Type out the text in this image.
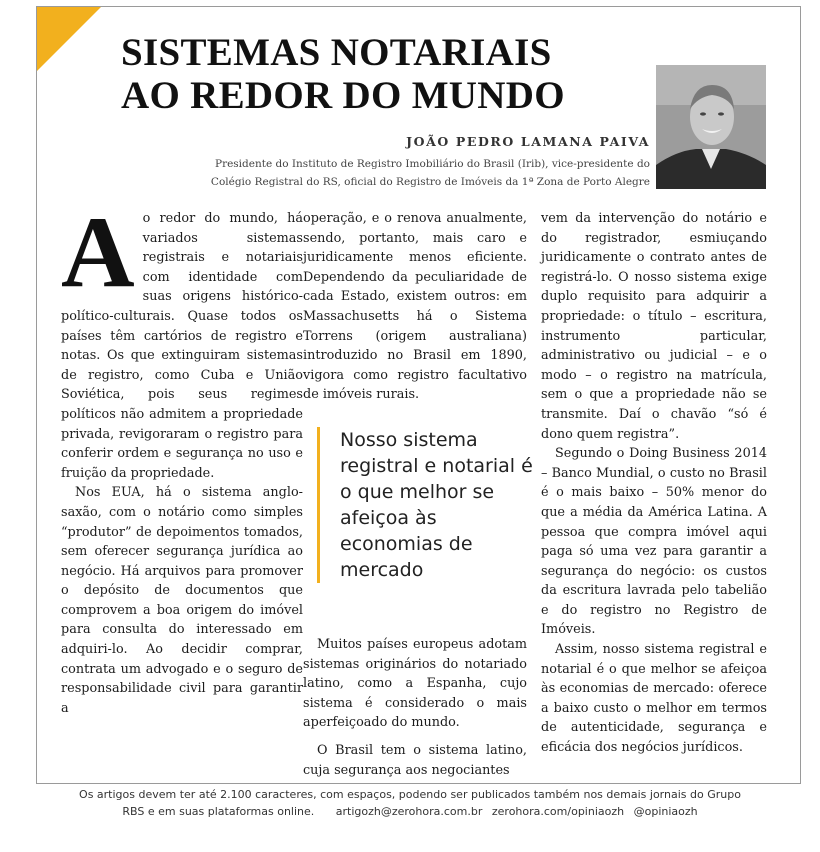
SISTEMAS NOTARIAIS
AO REDOR DO MUNDO
JOÃO PEDRO LAMANA PAIVA
Presidente do Instituto de Registro Imobiliário do Brasil (Irib), vice-presidente do
Colégio Registral do RS, oficial do Registro de Imóveis da 1ª Zona de Porto Alegre

A o redor do mundo, há variados sistemas registrais e notariais com identidade com suas origens histórico-político-culturais. Quase todos os países têm cartórios de registro e notas. Os que extinguiram sistemas de registro, como Cuba e União Soviética, pois seus regimes políticos não admitem a propriedade privada, revigoraram o registro para conferir ordem e segurança no uso e fruição da propriedade.

Nos EUA, há o sistema anglo-saxão, com o notário como simples “produtor” de depoimentos tomados, sem oferecer segurança jurídica ao negócio. Há arquivos para promover o depósito de documentos que comprovem a boa origem do imóvel para consulta do interessado em adquiri-lo. Ao decidir comprar, contrata um advogado e o seguro de responsabilidade civil para garantir a

operação, e o renova anualmente, sendo, portanto, mais caro e juridicamente menos eficiente. Dependendo da peculiaridade de cada Estado, existem outros: em Massachusetts há o Sistema Torrens (origem australiana) introduzido no Brasil em 1890, vigora como registro facultativo de imóveis rurais.

Nosso sistema registral e notarial é o que melhor se afeiçoa às economias de mercado

Muitos países europeus adotam sistemas originários do notariado latino, como a Espanha, cujo sistema é considerado o mais aperfeiçoado do mundo.

O Brasil tem o sistema latino, cuja segurança aos negociantes

vem da intervenção do notário e do registrador, esmiuçando juridicamente o contrato antes de registrá-lo. O nosso sistema exige duplo requisito para adquirir a propriedade: o título – escritura, instrumento particular, administrativo ou judicial – e o modo – o registro na matrícula, sem o que a propriedade não se transmite. Daí o chavão “só é dono quem registra”.

Segundo o Doing Business 2014 – Banco Mundial, o custo no Brasil é o mais baixo – 50% menor do que a média da América Latina. A pessoa que compra imóvel aqui paga só uma vez para garantir a segurança do negócio: os custos da escritura lavrada pelo tabelião e do registro no Registro de Imóveis.

Assim, nosso sistema registral e notarial é o que melhor se afeiçoa às economias de mercado: oferece a baixo custo o melhor em termos de autenticidade, segurança e eficácia dos negócios jurídicos.

Os artigos devem ter até 2.100 caracteres, com espaços, podendo ser publicados também nos demais jornais do Grupo
RBS e em suas plataformas online. artigozh@zerohora.com.br zerohora.com/opiniaozh @opiniaozh
